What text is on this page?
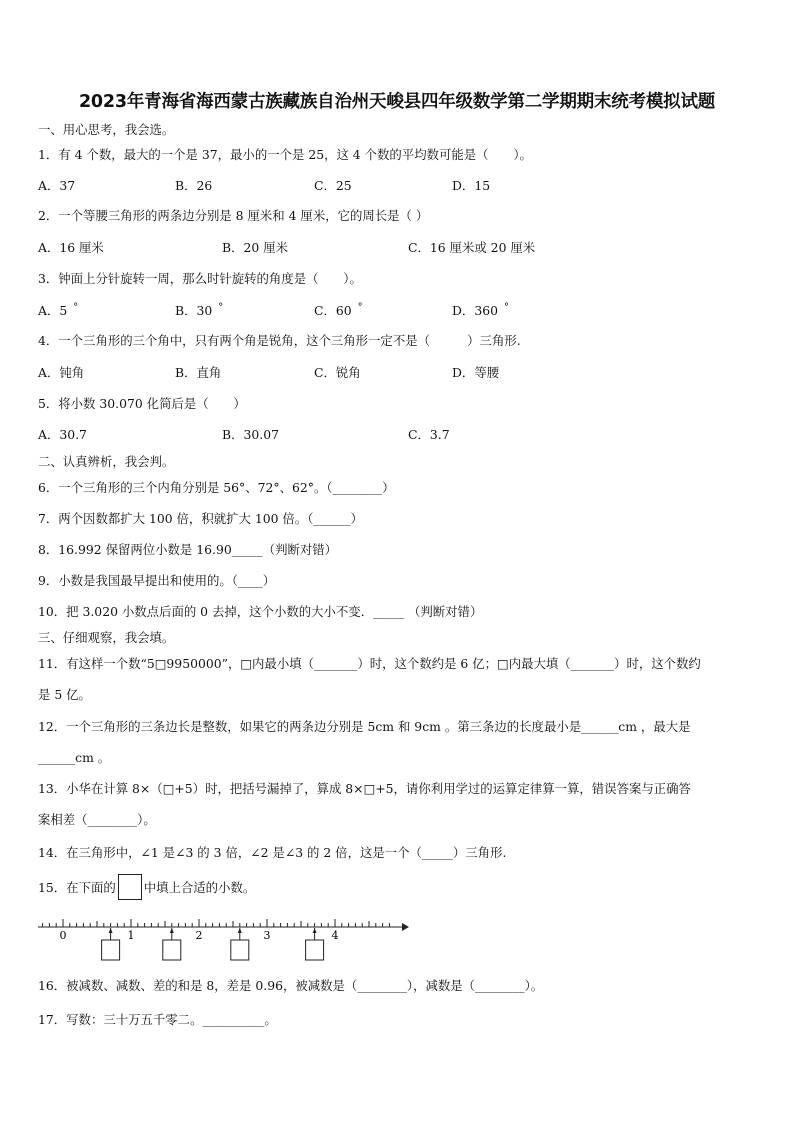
2023年青海省海西蒙古族藏族自治州天峻县四年级数学第二学期期末统考模拟试题
一、用心思考，我会选。
1．有 4 个数，最大的一个是 37，最小的一个是 25，这 4 个数的平均数可能是（　　）。
A．37	B．26	C．25	D．15
2．一个等腰三角形的两条边分别是 8 厘米和 4 厘米，它的周长是（ ）
A．16 厘米	B．20 厘米	C．16 厘米或 20 厘米
3．钟面上分针旋转一周，那么时针旋转的角度是（　　）。
A．5 °	B．30 °	C．60 °	D．360 °
4．一个三角形的三个角中，只有两个角是锐角，这个三角形一定不是（　　　）三角形.
A．钝角	B．直角	C．锐角	D．等腰
5．将小数 30.070 化简后是（　　）
A．30.7	B．30.07	C．3.7
二、认真辨析，我会判。
6．一个三角形的三个内角分别是 56°、72°、62°。（________）
7．两个因数都扩大 100 倍，积就扩大 100 倍。（______）
8．16.992 保留两位小数是 16.90_____（判断对错）
9．小数是我国最早提出和使用的。（____）
10．把 3.020 小数点后面的 0 去掉，这个小数的大小不变．_____ （判断对错）
三、仔细观察，我会填。
11．有这样一个数“5□9950000”，□内最小填（_______）时，这个数约是 6 亿；□内最大填（_______）时，这个数约
是 5 亿。
12．一个三角形的三条边长是整数，如果它的两条边分别是 5cm 和 9cm 。第三条边的长度最小是______cm ，最大是
______cm 。
13．小华在计算 8×（□+5）时，把括号漏掉了，算成 8×□+5，请你利用学过的运算定律算一算，错误答案与正确答
案相差（________）。
14．在三角形中，∠1 是∠3 的 3 倍，∠2 是∠3 的 2 倍，这是一个（_____）三角形.
15．在下面的 中填上合适的小数。
0	1	2	3	4
16．被减数、减数、差的和是 8，差是 0.96，被减数是（________），减数是（________）。
17．写数：三十万五千零二。__________。
